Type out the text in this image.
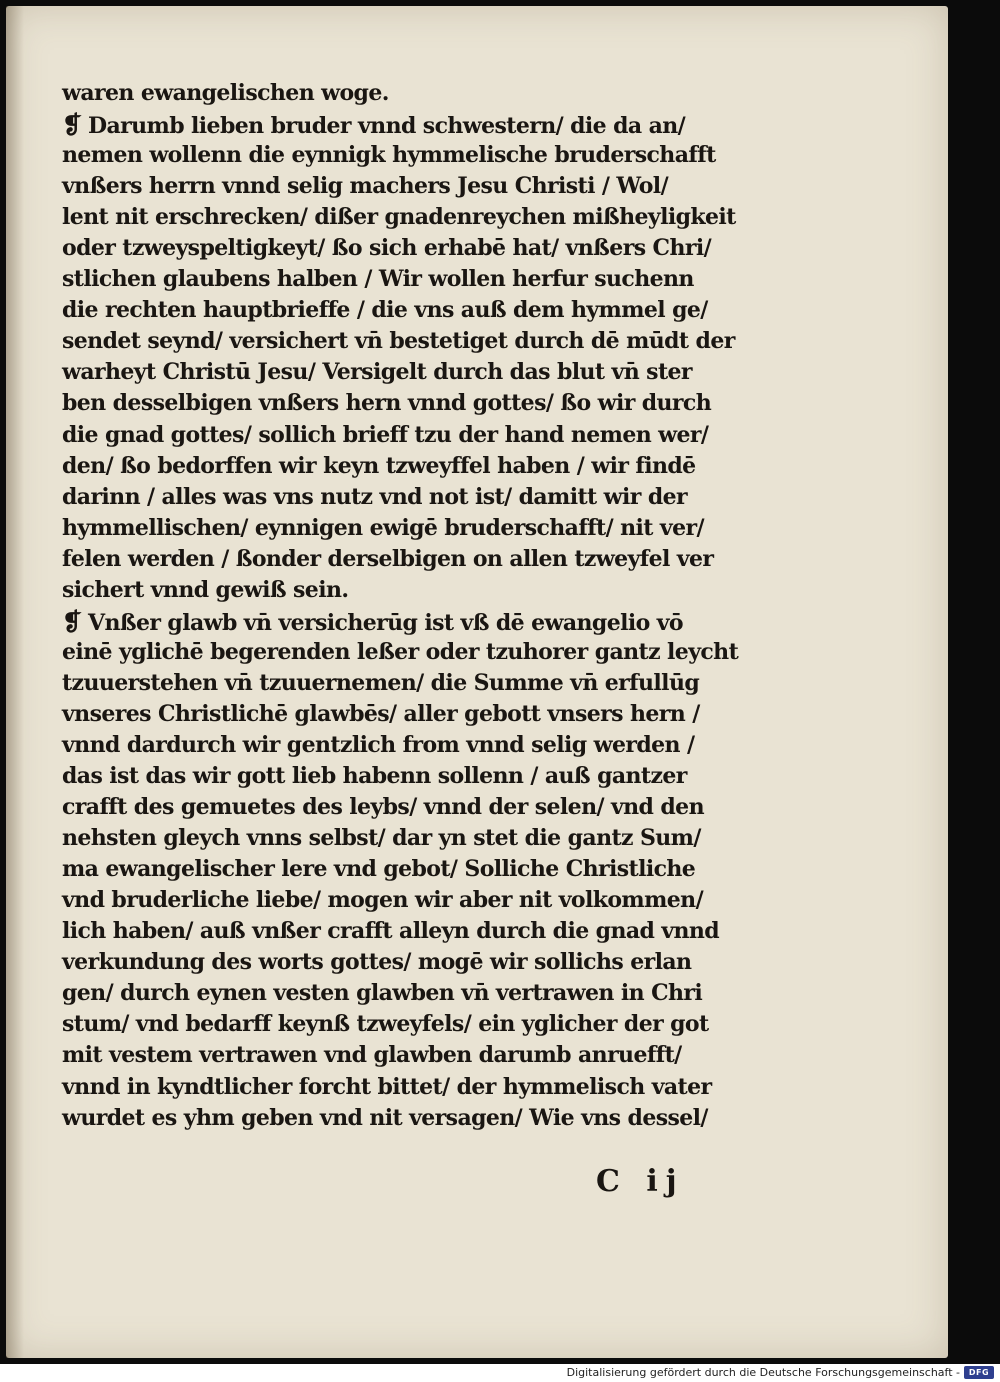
waren ewangelischen woge.
❡ Darumb lieben bruder vnnd schwestern/ die da an/
nemen wollenn die eynnigk hymmelische bruderschafft
vnßers herrn vnnd selig machers Jesu Christi / Wol/
lent nit erschrecken/ dißer gnadenreychen mißheyligkeit
oder tzweyspeltigkeyt/ ßo sich erhabē hat/ vnßers Chri/
stlichen glaubens halben / Wir wollen herfur suchenn
die rechten hauptbrieffe / die vns auß dem hymmel ge/
sendet seynd/ versichert vn̄ bestetiget durch dē mūdt der
warheyt Christū Jesu/ Versigelt durch das blut vn̄ ster
ben desselbigen vnßers hern vnnd gottes/ ßo wir durch
die gnad gottes/ sollich brieff tzu der hand nemen wer/
den/ ßo bedorffen wir keyn tzweyffel haben / wir findē
darinn / alles was vns nutz vnd not ist/ damitt wir der
hymmellischen/ eynnigen ewigē bruderschafft/ nit ver/
felen werden / ßonder derselbigen on allen tzweyfel ver
sichert vnnd gewiß sein.
❡ Vnßer glawb vn̄ versicherūg ist vß dē ewangelio vō
einē yglichē begerenden leßer oder tzuhorer gantz leycht
tzuuerstehen vn̄ tzuuernemen/ die Summe vn̄ erfullūg
vnseres Christlichē glawbēs/ aller gebott vnsers hern /
vnnd dardurch wir gentzlich from vnnd selig werden /
das ist das wir gott lieb habenn sollenn / auß gantzer
crafft des gemuetes des leybs/ vnnd der selen/ vnd den
nehsten gleych vnns selbst/ dar yn stet die gantz Sum/
ma ewangelischer lere vnd gebot/ Solliche Christliche
vnd bruderliche liebe/ mogen wir aber nit volkommen/
lich haben/ auß vnßer crafft alleyn durch die gnad vnnd
verkundung des worts gottes/ mogē wir sollichs erlan
gen/ durch eynen vesten glawben vn̄ vertrawen in Chri
stum/ vnd bedarff keynß tzweyfels/ ein yglicher der got
mit vestem vertrawen vnd glawben darumb anruefft/
vnnd in kyndtlicher forcht bittet/ der hymmelisch vater
wurdet es yhm geben vnd nit versagen/ Wie vns dessel/
C ij
Digitalisierung gefördert durch die Deutsche Forschungsgemeinschaft -	DFG
